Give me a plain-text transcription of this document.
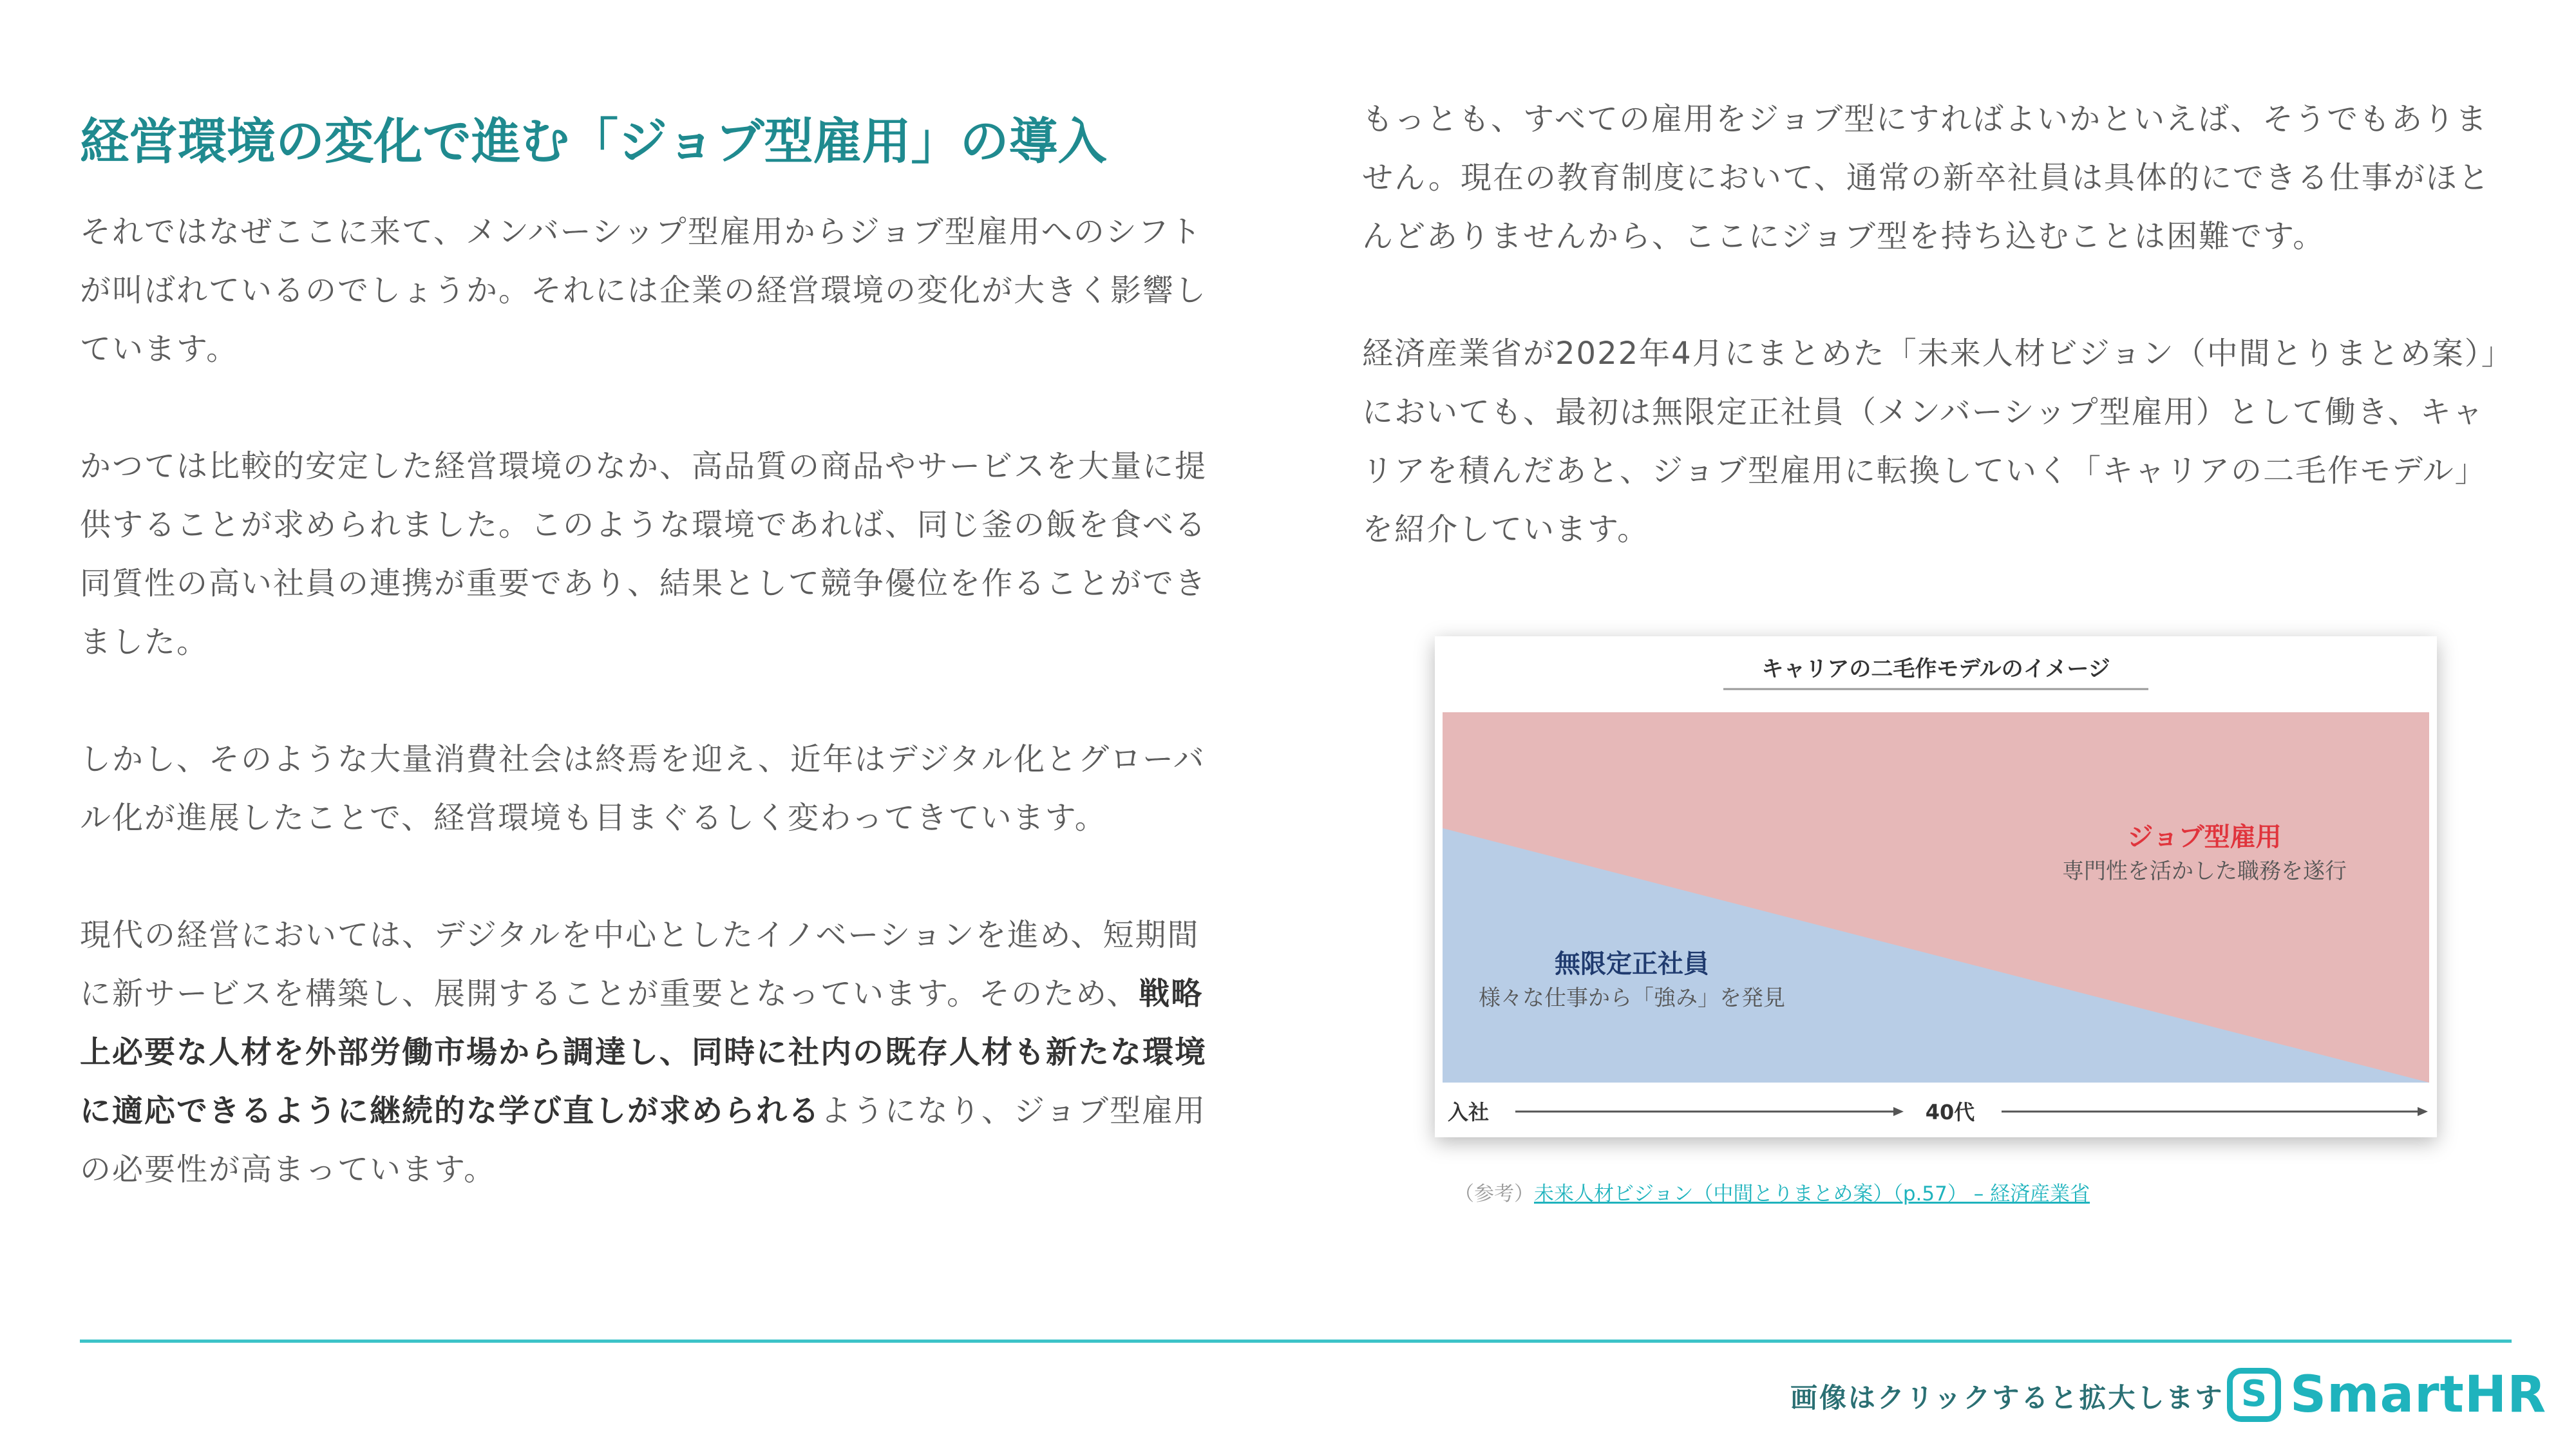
経営環境の変化で進む「ジョブ型雇用」の導入

それではなぜここに来て、メンバーシップ型雇用からジョブ型雇用へのシフトが叫ばれているのでしょうか。それには企業の経営環境の変化が大きく影響しています。

かつては比較的安定した経営環境のなか、高品質の商品やサービスを大量に提供することが求められました。このような環境であれば、同じ釜の飯を食べる同質性の高い社員の連携が重要であり、結果として競争優位を作ることができました。

しかし、そのような大量消費社会は終焉を迎え、近年はデジタル化とグローバル化が進展したことで、経営環境も目まぐるしく変わってきています。

現代の経営においては、デジタルを中心としたイノベーションを進め、短期間に新サービスを構築し、展開することが重要となっています。そのため、戦略上必要な人材を外部労働市場から調達し、同時に社内の既存人材も新たな環境に適応できるように継続的な学び直しが求められるようになり、ジョブ型雇用の必要性が高まっています。

もっとも、すべての雇用をジョブ型にすればよいかといえば、そうでもありません。現在の教育制度において、通常の新卒社員は具体的にできる仕事がほとんどありませんから、ここにジョブ型を持ち込むことは困難です。

経済産業省が2022年4月にまとめた「未来人材ビジョン（中間とりまとめ案）」においても、最初は無限定正社員（メンバーシップ型雇用）として働き、キャリアを積んだあと、ジョブ型雇用に転換していく「キャリアの二毛作モデル」を紹介しています。

キャリアの二毛作モデルのイメージ
ジョブ型雇用
専門性を活かした職務を遂行
無限定正社員
様々な仕事から「強み」を発見
入社	40代
（参考）未来人材ビジョン（中間とりまとめ案）（p.57） – 経済産業省
画像はクリックすると拡大します S SmartHR
